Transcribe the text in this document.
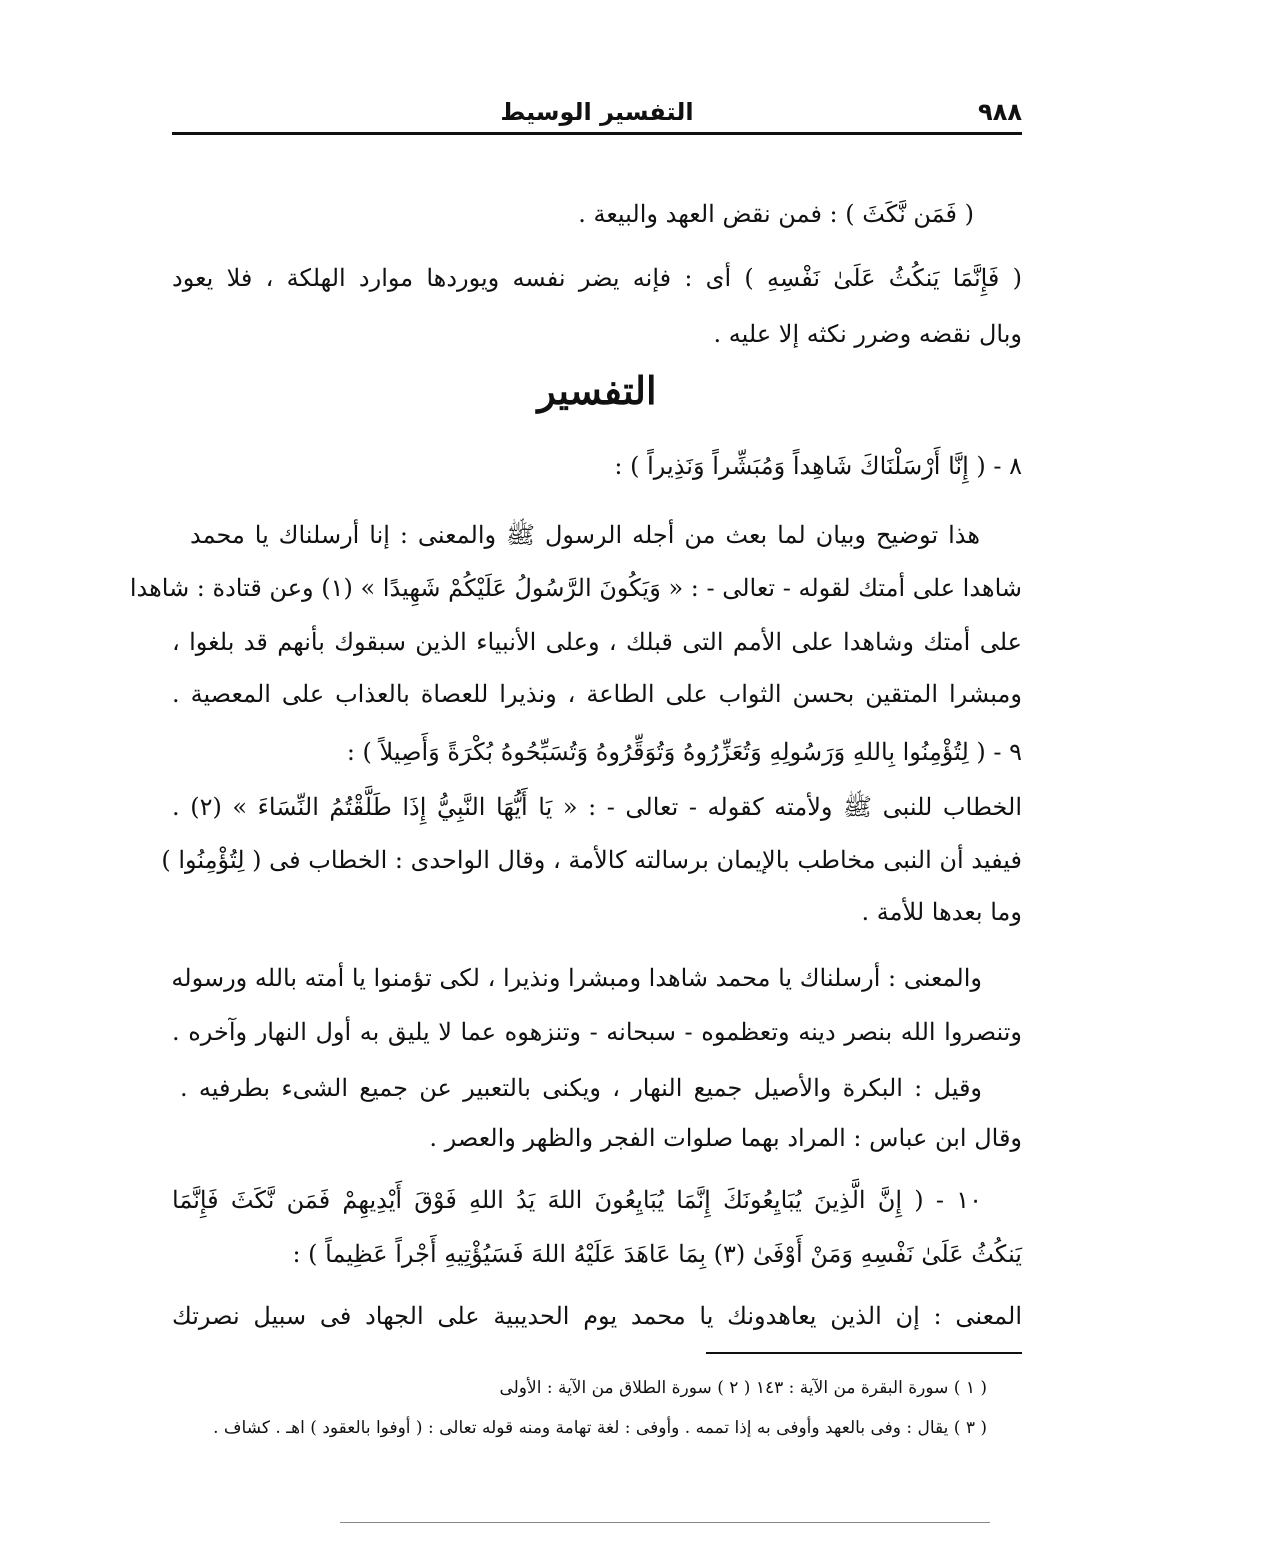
٩٨٨
التفسير الوسيط
( فَمَن نَّكَثَ ) : فمن نقض العهد والبيعة .
( فَإِنَّمَا يَنكُثُ عَلَىٰ نَفْسِهِ ) أى : فإنه يضر نفسه ويوردها موارد الهلكة ، فلا يعود
وبال نقضه وضرر نكثه إلا عليه .
التفسير
٨ - ( إِنَّا أَرْسَلْنَاكَ شَاهِداً وَمُبَشِّراً وَنَذِيراً ) :
هذا توضيح وبيان لما بعث من أجله الرسول ﷺ والمعنى : إنا أرسلناك يا محمد
شاهدا على أمتك لقوله - تعالى - : « وَيَكُونَ الرَّسُولُ عَلَيْكُمْ شَهِيدًا » (١) وعن قتادة : شاهدا
على أمتك وشاهدا على الأمم التى قبلك ، وعلى الأنبياء الذين سبقوك بأنهم قد بلغوا ،
ومبشرا المتقين بحسن الثواب على الطاعة ، ونذيرا للعصاة بالعذاب على المعصية .
٩ - ( لِتُؤْمِنُوا بِاللهِ وَرَسُولِهِ وَتُعَزِّرُوهُ وَتُوَقِّرُوهُ وَتُسَبِّحُوهُ بُكْرَةً وَأَصِيلاً ) :
الخطاب للنبى ﷺ ولأمته كقوله - تعالى - : « يَا أَيُّهَا النَّبِيُّ إِذَا طَلَّقْتُمُ النِّسَاءَ » (٢) .
فيفيد أن النبى مخاطب بالإيمان برسالته كالأمة ، وقال الواحدى : الخطاب فى ( لِتُؤْمِنُوا )
وما بعدها للأمة .
والمعنى : أرسلناك يا محمد شاهدا ومبشرا ونذيرا ، لكى تؤمنوا يا أمته بالله ورسوله
وتنصروا الله بنصر دينه وتعظموه - سبحانه - وتنزهوه عما لا يليق به أول النهار وآخره .
وقيل : البكرة والأصيل جميع النهار ، ويكنى بالتعبير عن جميع الشىء بطرفيه .
وقال ابن عباس : المراد بهما صلوات الفجر والظهر والعصر .
١٠ - ( إِنَّ الَّذِينَ يُبَايِعُونَكَ إِنَّمَا يُبَايِعُونَ اللهَ يَدُ اللهِ فَوْقَ أَيْدِيهِمْ فَمَن نَّكَثَ فَإِنَّمَا
يَنكُثُ عَلَىٰ نَفْسِهِ وَمَنْ أَوْفَىٰ (٣) بِمَا عَاهَدَ عَلَيْهُ اللهَ فَسَيُؤْتِيهِ أَجْراً عَظِيماً ) :
المعنى : إن الذين يعاهدونك يا محمد يوم الحديبية على الجهاد فى سبيل نصرتك
( ١ ) سورة البقرة من الآية : ١٤٣ ( ٢ ) سورة الطلاق من الآية : الأولى
( ٣ ) يقال : وفى بالعهد وأوفى به إذا تممه . وأوفى : لغة تهامة ومنه قوله تعالى : ( أوفوا بالعقود ) اهـ . كشاف .
